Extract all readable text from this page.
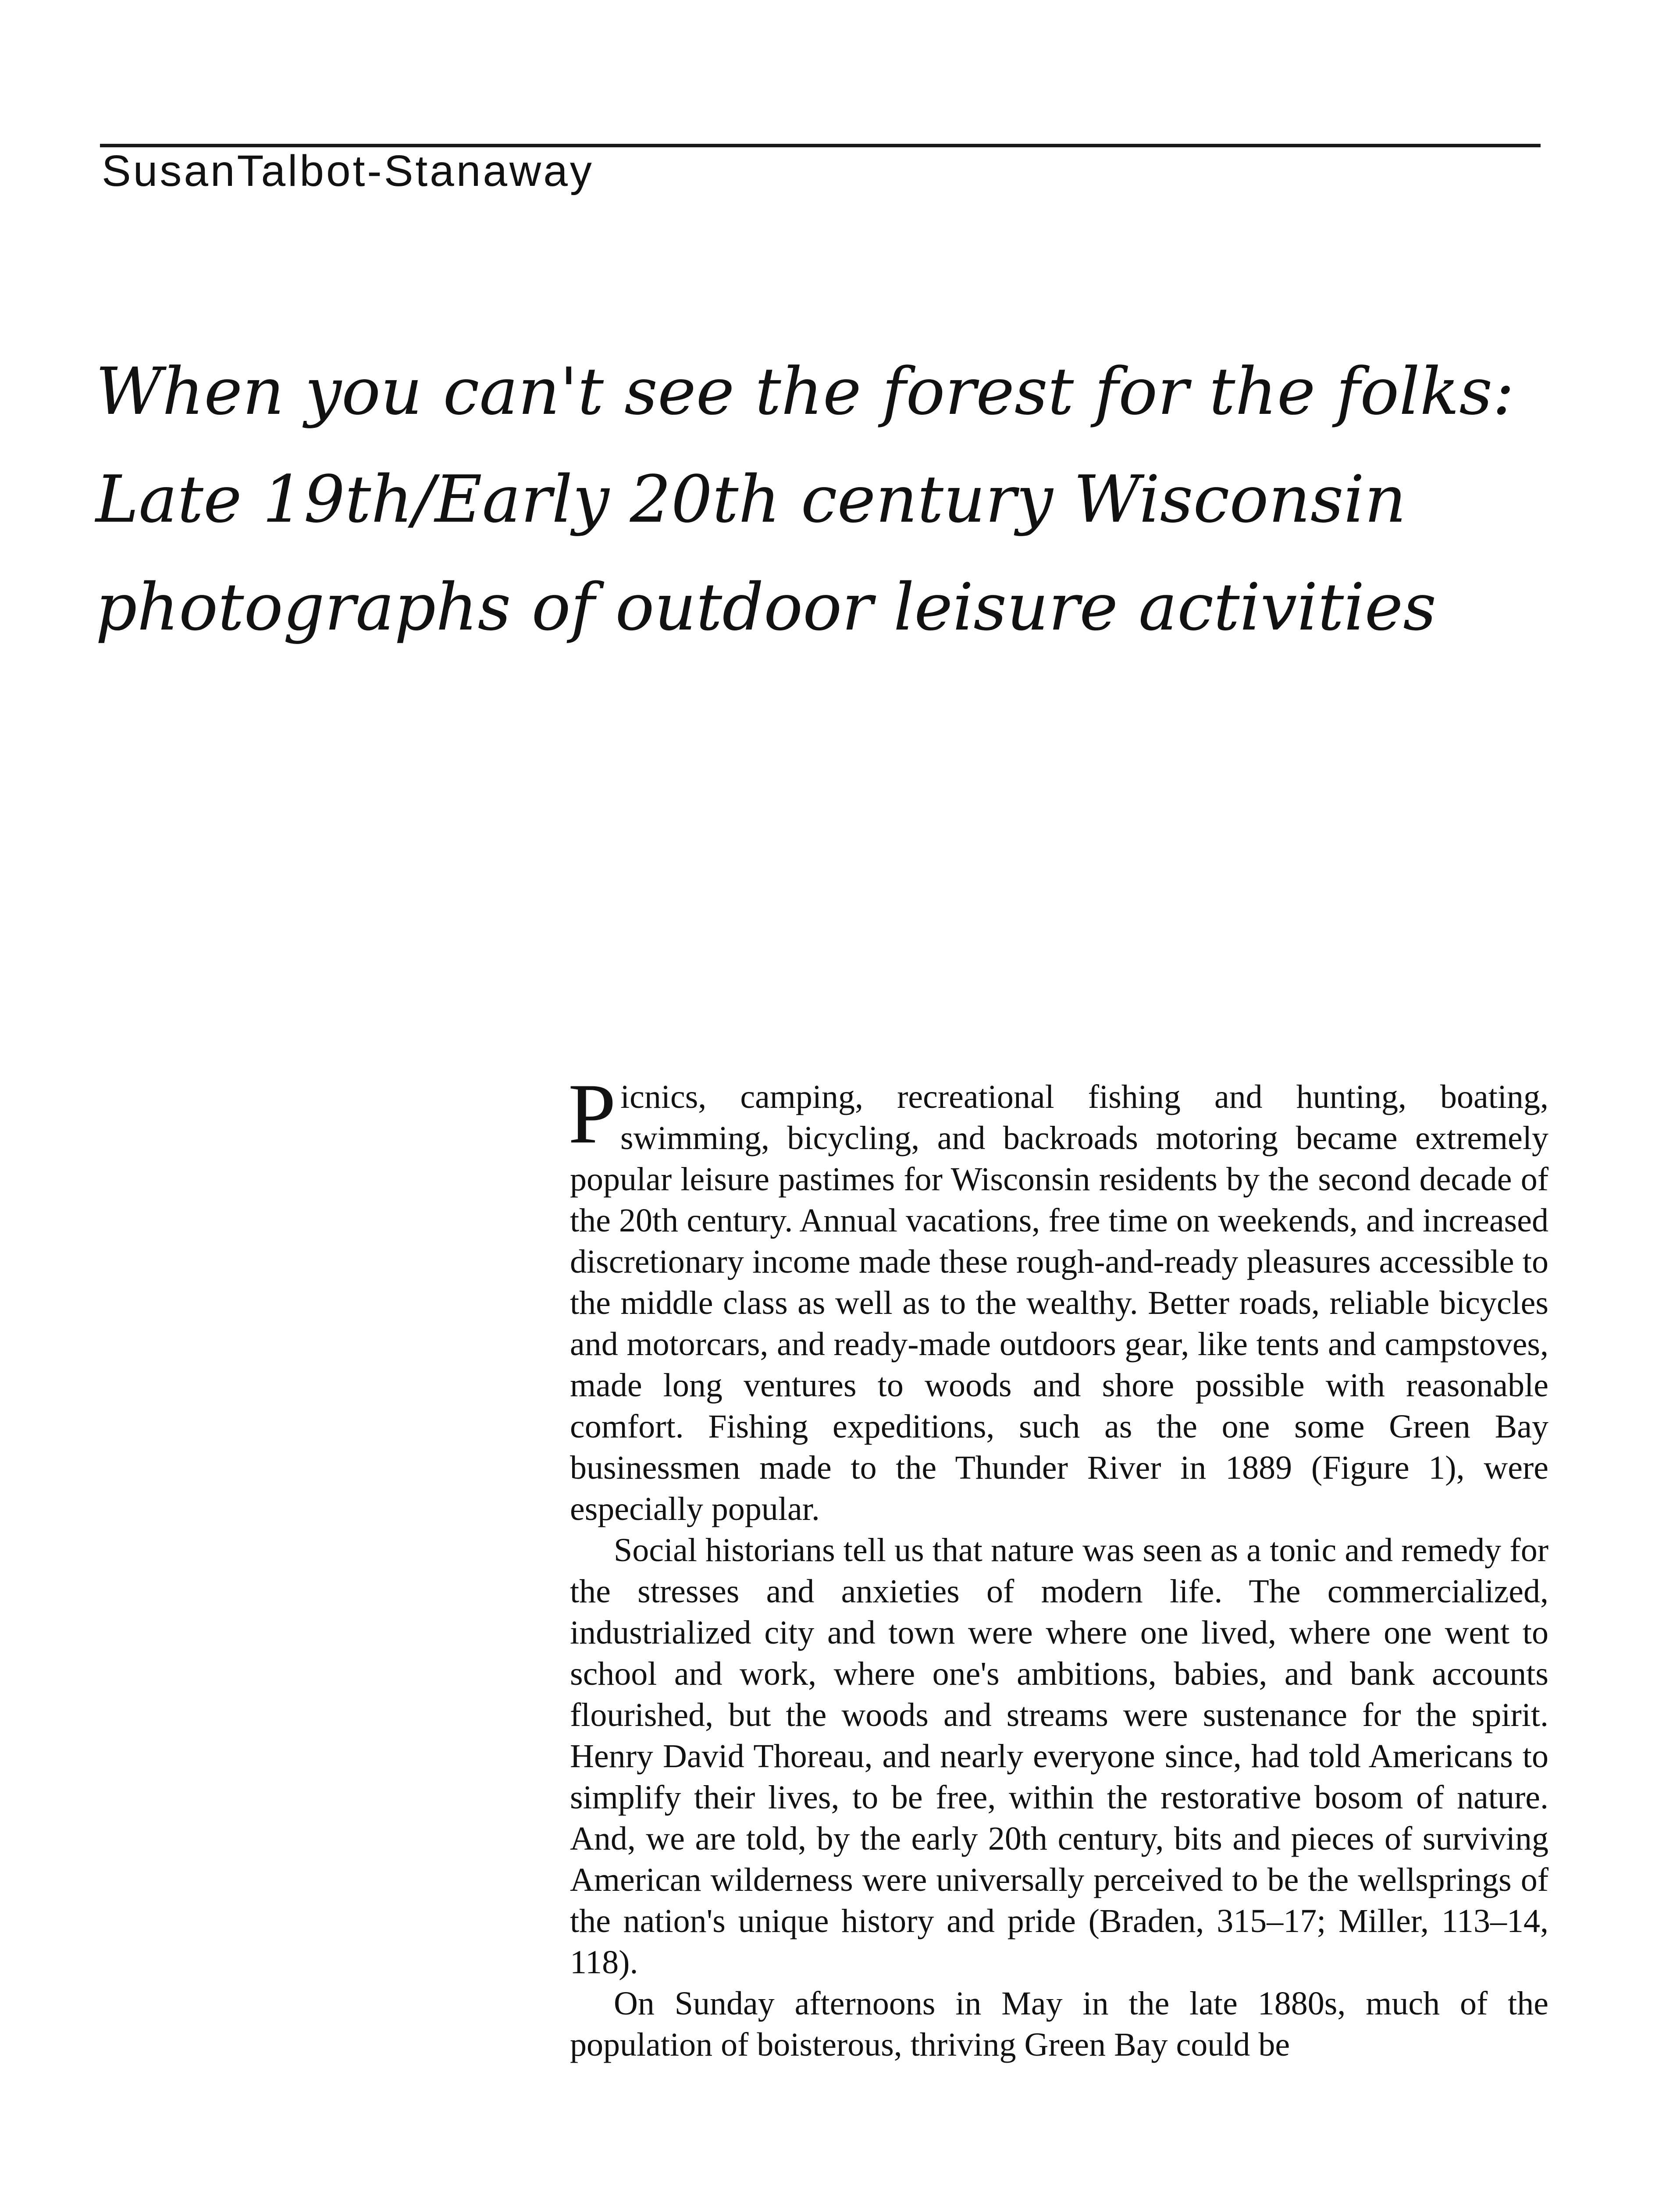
SusanTalbot-Stanaway
When you can't see the forest for the folks:
Late 19th/Early 20th century Wisconsin
photographs of outdoor leisure activities

Picnics, camping, recreational fishing and hunting, boating, swimming, bicycling, and backroads motoring became extremely popular leisure pastimes for Wisconsin residents by the second decade of the 20th century. Annual vacations, free time on weekends, and increased discretionary income made these rough-and-ready pleasures accessible to the middle class as well as to the wealthy. Better roads, reliable bicycles and motorcars, and ready-made outdoors gear, like tents and campstoves, made long ventures to woods and shore possible with reasonable comfort. Fishing expeditions, such as the one some Green Bay businessmen made to the Thunder River in 1889 (Figure 1), were especially popular.

Social historians tell us that nature was seen as a tonic and remedy for the stresses and anxieties of modern life. The commercialized, industrialized city and town were where one lived, where one went to school and work, where one's ambitions, babies, and bank accounts flourished, but the woods and streams were sustenance for the spirit. Henry David Thoreau, and nearly everyone since, had told Americans to simplify their lives, to be free, within the restorative bosom of nature. And, we are told, by the early 20th century, bits and pieces of surviving American wilderness were universally perceived to be the wellsprings of the nation's unique history and pride (Braden, 315–17; Miller, 113–14, 118).

On Sunday afternoons in May in the late 1880s, much of the population of boisterous, thriving Green Bay could be
